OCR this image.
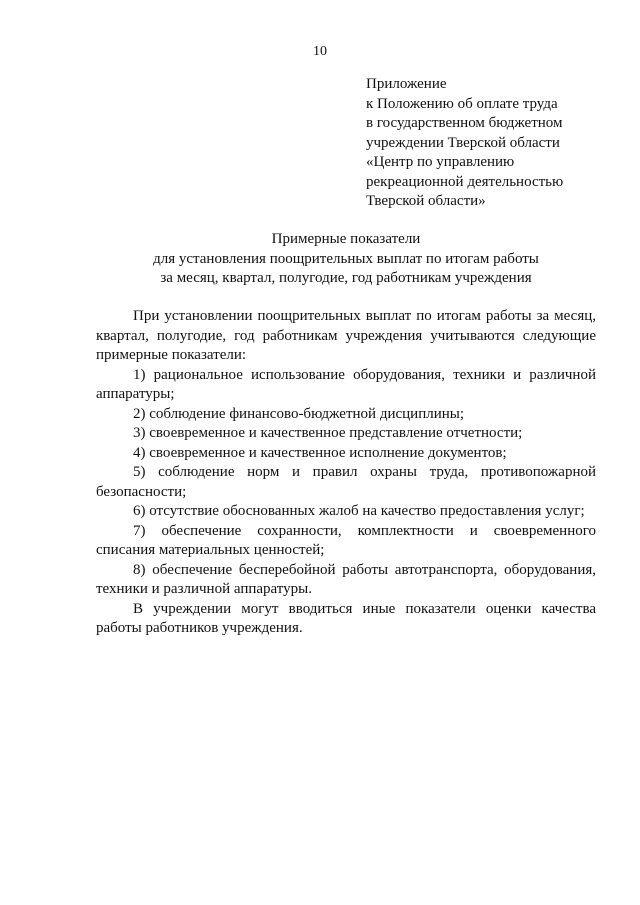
10
Приложение
к Положению об оплате труда
в государственном бюджетном
учреждении Тверской области
«Центр по управлению
рекреационной деятельностью
Тверской области»
Примерные показатели
для установления поощрительных выплат по итогам работы
за месяц, квартал, полугодие, год работникам учреждения

При установлении поощрительных выплат по итогам работы за месяц, квартал, полугодие, год работникам учреждения учитываются следующие примерные показатели:

1) рациональное использование оборудования, техники и различной аппаратуры;

2) соблюдение финансово-бюджетной дисциплины;

3) своевременное и качественное представление отчетности;

4) своевременное и качественное исполнение документов;

5) соблюдение норм и правил охраны труда, противопожарной безопасности;

6) отсутствие обоснованных жалоб на качество предоставления услуг;

7) обеспечение сохранности, комплектности и своевременного списания материальных ценностей;

8) обеспечение бесперебойной работы автотранспорта, оборудования, техники и различной аппаратуры.

В учреждении могут вводиться иные показатели оценки качества работы работников учреждения.
